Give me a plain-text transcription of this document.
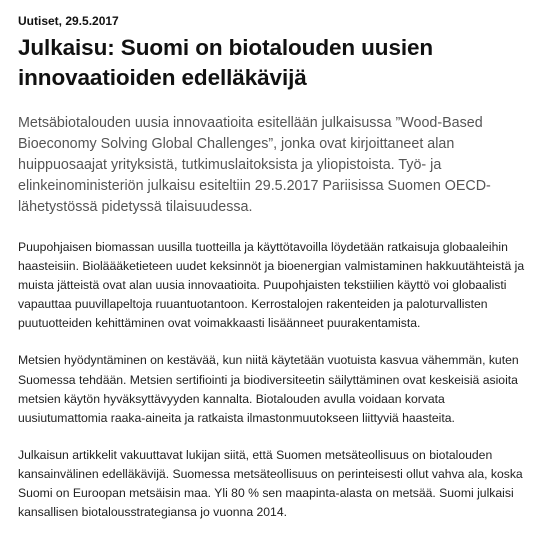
Uutiset, 29.5.2017
Julkaisu: Suomi on biotalouden uusien innovaatioiden edelläkävijä

Metsäbiotalouden uusia innovaatioita esitellään julkaisussa ”Wood-Based Bioeconomy Solving Global Challenges”, jonka ovat kirjoittaneet alan huippuosaajat yrityksistä, tutkimuslaitoksista ja yliopistoista. Työ- ja elinkeinoministeriön julkaisu esiteltiin 29.5.2017 Pariisissa Suomen OECD-lähetystössä pidetyssä tilaisuudessa.

Puupohjaisen biomassan uusilla tuotteilla ja käyttötavoilla löydetään ratkaisuja globaaleihin haasteisiin. Bioläääketieteen uudet keksinnöt ja bioenergian valmistaminen hakkuutähteistä ja muista jätteistä ovat alan uusia innovaatioita. Puupohjaisten tekstiilien käyttö voi globaalisti vapauttaa puuvillapeltoja ruuantuotantoon. Kerrostalojen rakenteiden ja paloturvallisten puutuotteiden kehittäminen ovat voimakkaasti lisäänneet puurakentamista.

Metsien hyödyntäminen on kestävää, kun niitä käytetään vuotuista kasvua vähemmän, kuten Suomessa tehdään. Metsien sertifiointi ja biodiversiteetin säilyttäminen ovat keskeisiä asioita metsien käytön hyväksyttävyyden kannalta. Biotalouden avulla voidaan korvata uusiutumattomia raaka-aineita ja ratkaista ilmastonmuutokseen liittyviä haasteita.

Julkaisun artikkelit vakuuttavat lukijan siitä, että Suomen metsäteollisuus on biotalouden kansainvälinen edelläkävijä. Suomessa metsäteollisuus on perinteisesti ollut vahva ala, koska Suomi on Euroopan metsäisin maa. Yli 80 % sen maapinta-alasta on metsää. Suomi julkaisi kansallisen biotalousstrategiansa jo vuonna 2014.
